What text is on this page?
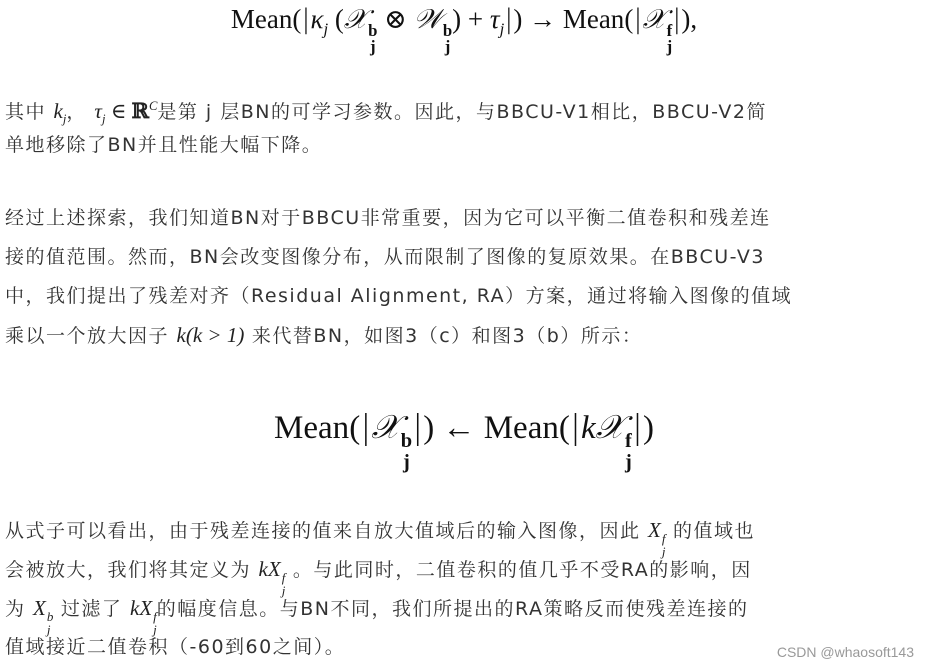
$Mean(|\kappa_j$ (𝒳 b
j
⊗ 𝒲 b
j
) + $\tau_j|$) → Mean(|𝒳 f
j
|),
其中 $k_j$， $\tau_j$ ∈ ℝ$^C$是第 j 层BN的可学习参数。因此，与BBCU-V1相比，BBCU-V2简
单地移除了BN并且性能大幅下降。
经过上述探索，我们知道BN对于BBCU非常重要，因为它可以平衡二值卷积和残差连
接的值范围。然而，BN会改变图像分布，从而限制了图像的复原效果。在BBCU-V3
中，我们提出了残差对齐（Residual Alignment, RA）方案，通过将输入图像的值域
乘以一个放大因子 k(k > 1) 来代替BN，如图3（c）和图3（b）所示：
Mean(|𝒳 b
j
|) ← Mean(|k𝒳 f
j
|)
从式子可以看出，由于残差连接的值来自放大值域后的输入图像，因此 X f
j
的值域也
会被放大，我们将其定义为 kX f
j
。与此同时，二值卷积的值几乎不受RA的影响，因
为 X b
j
过滤了 kX f
j
的幅度信息。与BN不同，我们所提出的RA策略反而使残差连接的
值域接近二值卷积（-60到60之间）。	CSDN @whaosoft143
